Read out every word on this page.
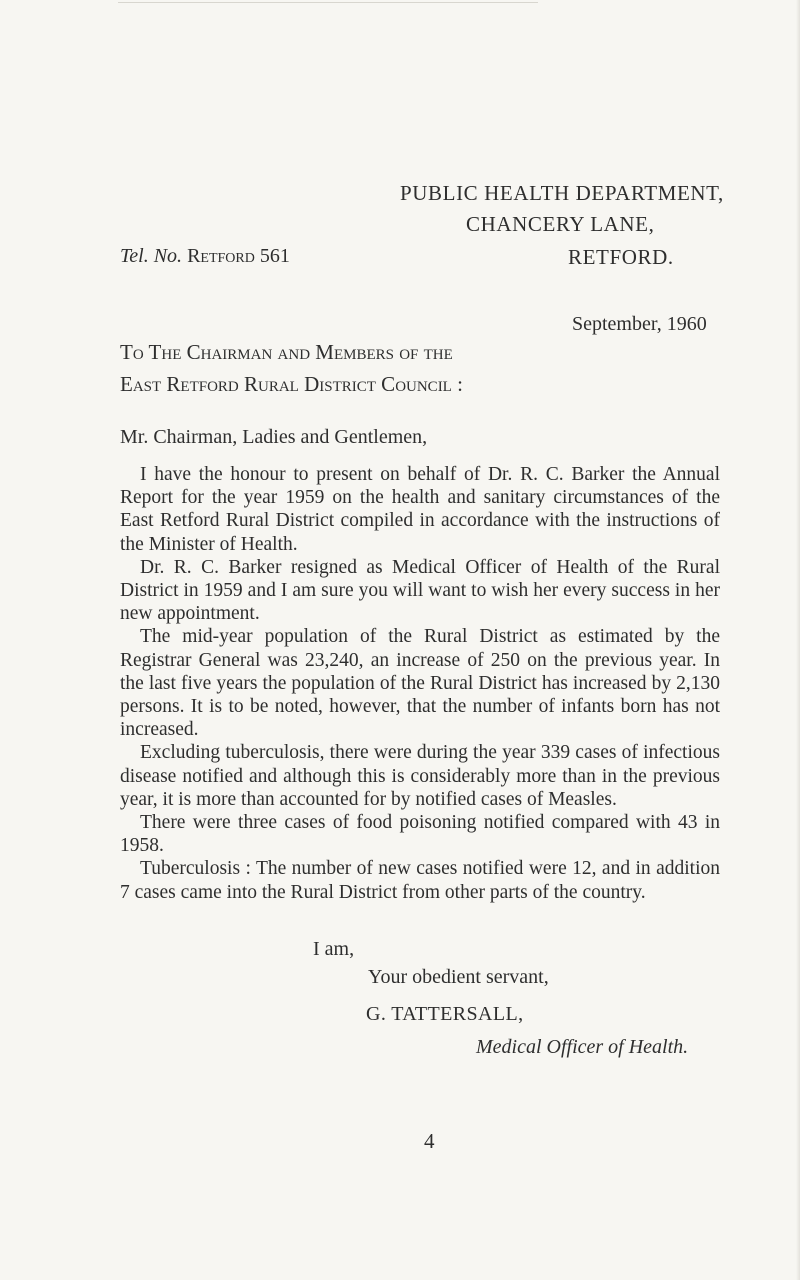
PUBLIC HEALTH DEPARTMENT,
CHANCERY LANE,
RETFORD.
Tel. No. Retford 561
September, 1960
To The Chairman and Members of the
East Retford Rural District Council :
Mr. Chairman, Ladies and Gentlemen,

I have the honour to present on behalf of Dr. R. C. Barker the Annual Report for the year 1959 on the health and sanitary circumstances of the East Retford Rural District compiled in accordance with the instructions of the Minister of Health.

Dr. R. C. Barker resigned as Medical Officer of Health of the Rural District in 1959 and I am sure you will want to wish her every success in her new appointment.

The mid-year population of the Rural District as estimated by the Registrar General was 23,240, an increase of 250 on the previous year. In the last five years the population of the Rural District has increased by 2,130 persons. It is to be noted, however, that the number of infants born has not increased.

Excluding tuberculosis, there were during the year 339 cases of infectious disease notified and although this is considerably more than in the previous year, it is more than accounted for by notified cases of Measles.

There were three cases of food poisoning notified compared with 43 in 1958.

Tuberculosis : The number of new cases notified were 12, and in addition 7 cases came into the Rural District from other parts of the country.

I am,
Your obedient servant,
G. TATTERSALL,
Medical Officer of Health.
4
